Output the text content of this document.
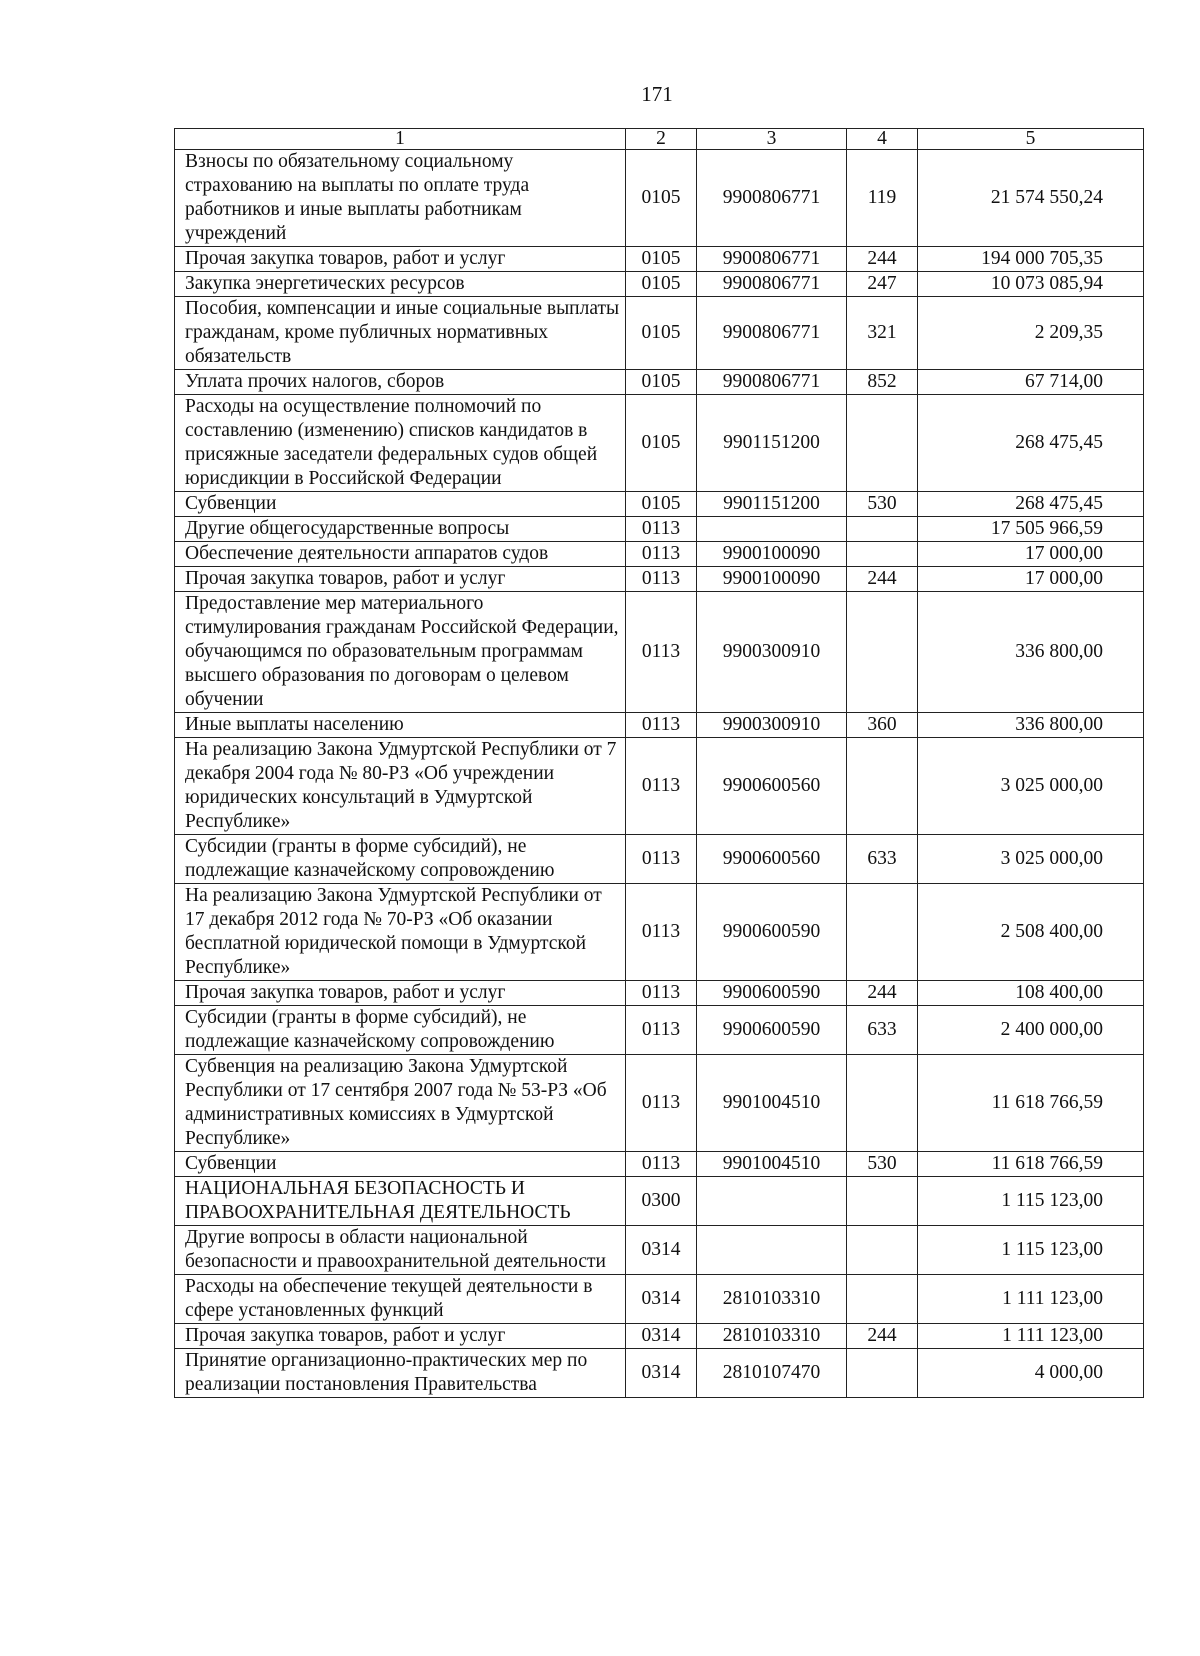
171
1	2	3	4	5
Взносы по обязательному социальному страхованию на выплаты по оплате труда работников и иные выплаты работникам учреждений	0105	9900806771	119	21 574 550,24
Прочая закупка товаров, работ и услуг	0105	9900806771	244	194 000 705,35
Закупка энергетических ресурсов	0105	9900806771	247	10 073 085,94
Пособия, компенсации и иные социальные выплаты гражданам, кроме публичных нормативных обязательств	0105	9900806771	321	2 209,35
Уплата прочих налогов, сборов	0105	9900806771	852	67 714,00
Расходы на осуществление полномочий по составлению (изменению) списков кандидатов в присяжные заседатели федеральных судов общей юрисдикции в Российской Федерации	0105	9901151200		268 475,45
Субвенции	0105	9901151200	530	268 475,45
Другие общегосударственные вопросы	0113			17 505 966,59
Обеспечение деятельности аппаратов судов	0113	9900100090		17 000,00
Прочая закупка товаров, работ и услуг	0113	9900100090	244	17 000,00
Предоставление мер материального стимулирования гражданам Российской Федерации, обучающимся по образовательным программам высшего образования по договорам о целевом обучении	0113	9900300910		336 800,00
Иные выплаты населению	0113	9900300910	360	336 800,00
На реализацию Закона Удмуртской Республики от 7 декабря 2004 года № 80-РЗ «Об учреждении юридических консультаций в Удмуртской Республике»	0113	9900600560		3 025 000,00
Субсидии (гранты в форме субсидий), не подлежащие казначейскому сопровождению	0113	9900600560	633	3 025 000,00
На реализацию Закона Удмуртской Республики от 17 декабря 2012 года № 70-РЗ «Об оказании бесплатной юридической помощи в Удмуртской Республике»	0113	9900600590		2 508 400,00
Прочая закупка товаров, работ и услуг	0113	9900600590	244	108 400,00
Субсидии (гранты в форме субсидий), не подлежащие казначейскому сопровождению	0113	9900600590	633	2 400 000,00
Субвенция на реализацию Закона Удмуртской Республики от 17 сентября 2007 года № 53-РЗ «Об административных комиссиях в Удмуртской Республике»	0113	9901004510		11 618 766,59
Субвенции	0113	9901004510	530	11 618 766,59
НАЦИОНАЛЬНАЯ БЕЗОПАСНОСТЬ И ПРАВООХРАНИТЕЛЬНАЯ ДЕЯТЕЛЬНОСТЬ	0300			1 115 123,00
Другие вопросы в области национальной безопасности и правоохранительной деятельности	0314			1 115 123,00
Расходы на обеспечение текущей деятельности в сфере установленных функций	0314	2810103310		1 111 123,00
Прочая закупка товаров, работ и услуг	0314	2810103310	244	1 111 123,00
Принятие организационно-практических мер по реализации постановления Правительства	0314	2810107470		4 000,00
